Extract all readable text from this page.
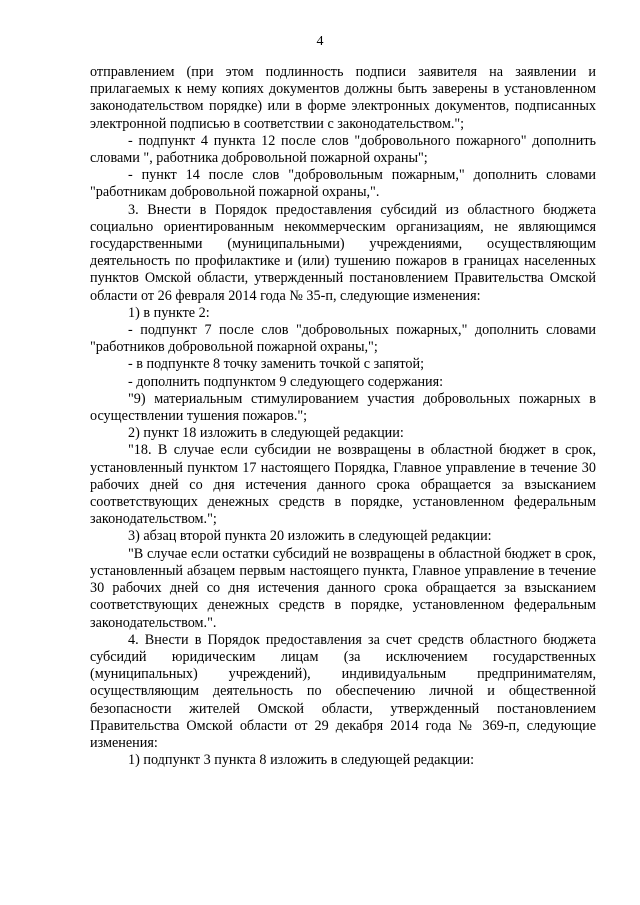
4

отправлением (при этом подлинность подписи заявителя на заявлении и прилагаемых к нему копиях документов должны быть заверены в установленном законодательством порядке) или в форме электронных документов, подписанных электронной подписью в соответствии с законодательством.";

- подпункт 4 пункта 12 после слов "добровольного пожарного" дополнить словами ", работника добровольной пожарной охраны";

- пункт 14 после слов "добровольным пожарным," дополнить словами "работникам добровольной пожарной охраны,".

3. Внести в Порядок предоставления субсидий из областного бюджета социально ориентированным некоммерческим организациям, не являющимся государственными (муниципальными) учреждениями, осуществляющим деятельность по профилактике и (или) тушению пожаров в границах населенных пунктов Омской области, утвержденный постановлением Правительства Омской области от 26 февраля 2014 года № 35-п, следующие изменения:

1) в пункте 2:

- подпункт 7 после слов "добровольных пожарных," дополнить словами "работников добровольной пожарной охраны,";

- в подпункте 8 точку заменить точкой с запятой;

- дополнить подпунктом 9 следующего содержания:

"9) материальным стимулированием участия добровольных пожарных в осуществлении тушения пожаров.";

2) пункт 18 изложить в следующей редакции:

"18. В случае если субсидии не возвращены в областной бюджет в срок, установленный пунктом 17 настоящего Порядка, Главное управление в течение 30 рабочих дней со дня истечения данного срока обращается за взысканием соответствующих денежных средств в порядке, установленном федеральным законодательством.";

3) абзац второй пункта 20 изложить в следующей редакции:

"В случае если остатки субсидий не возвращены в областной бюджет в срок, установленный абзацем первым настоящего пункта, Главное управление в течение 30 рабочих дней со дня истечения данного срока обращается за взысканием соответствующих денежных средств в порядке, установленном федеральным законодательством.".

4. Внести в Порядок предоставления за счет средств областного бюджета субсидий юридическим лицам (за исключением государственных (муниципальных) учреждений), индивидуальным предпринимателям, осуществляющим деятельность по обеспечению личной и общественной безопасности жителей Омской области, утвержденный постановлением Правительства Омской области от 29 декабря 2014 года № 369-п, следующие изменения:

1) подпункт 3 пункта 8 изложить в следующей редакции:
